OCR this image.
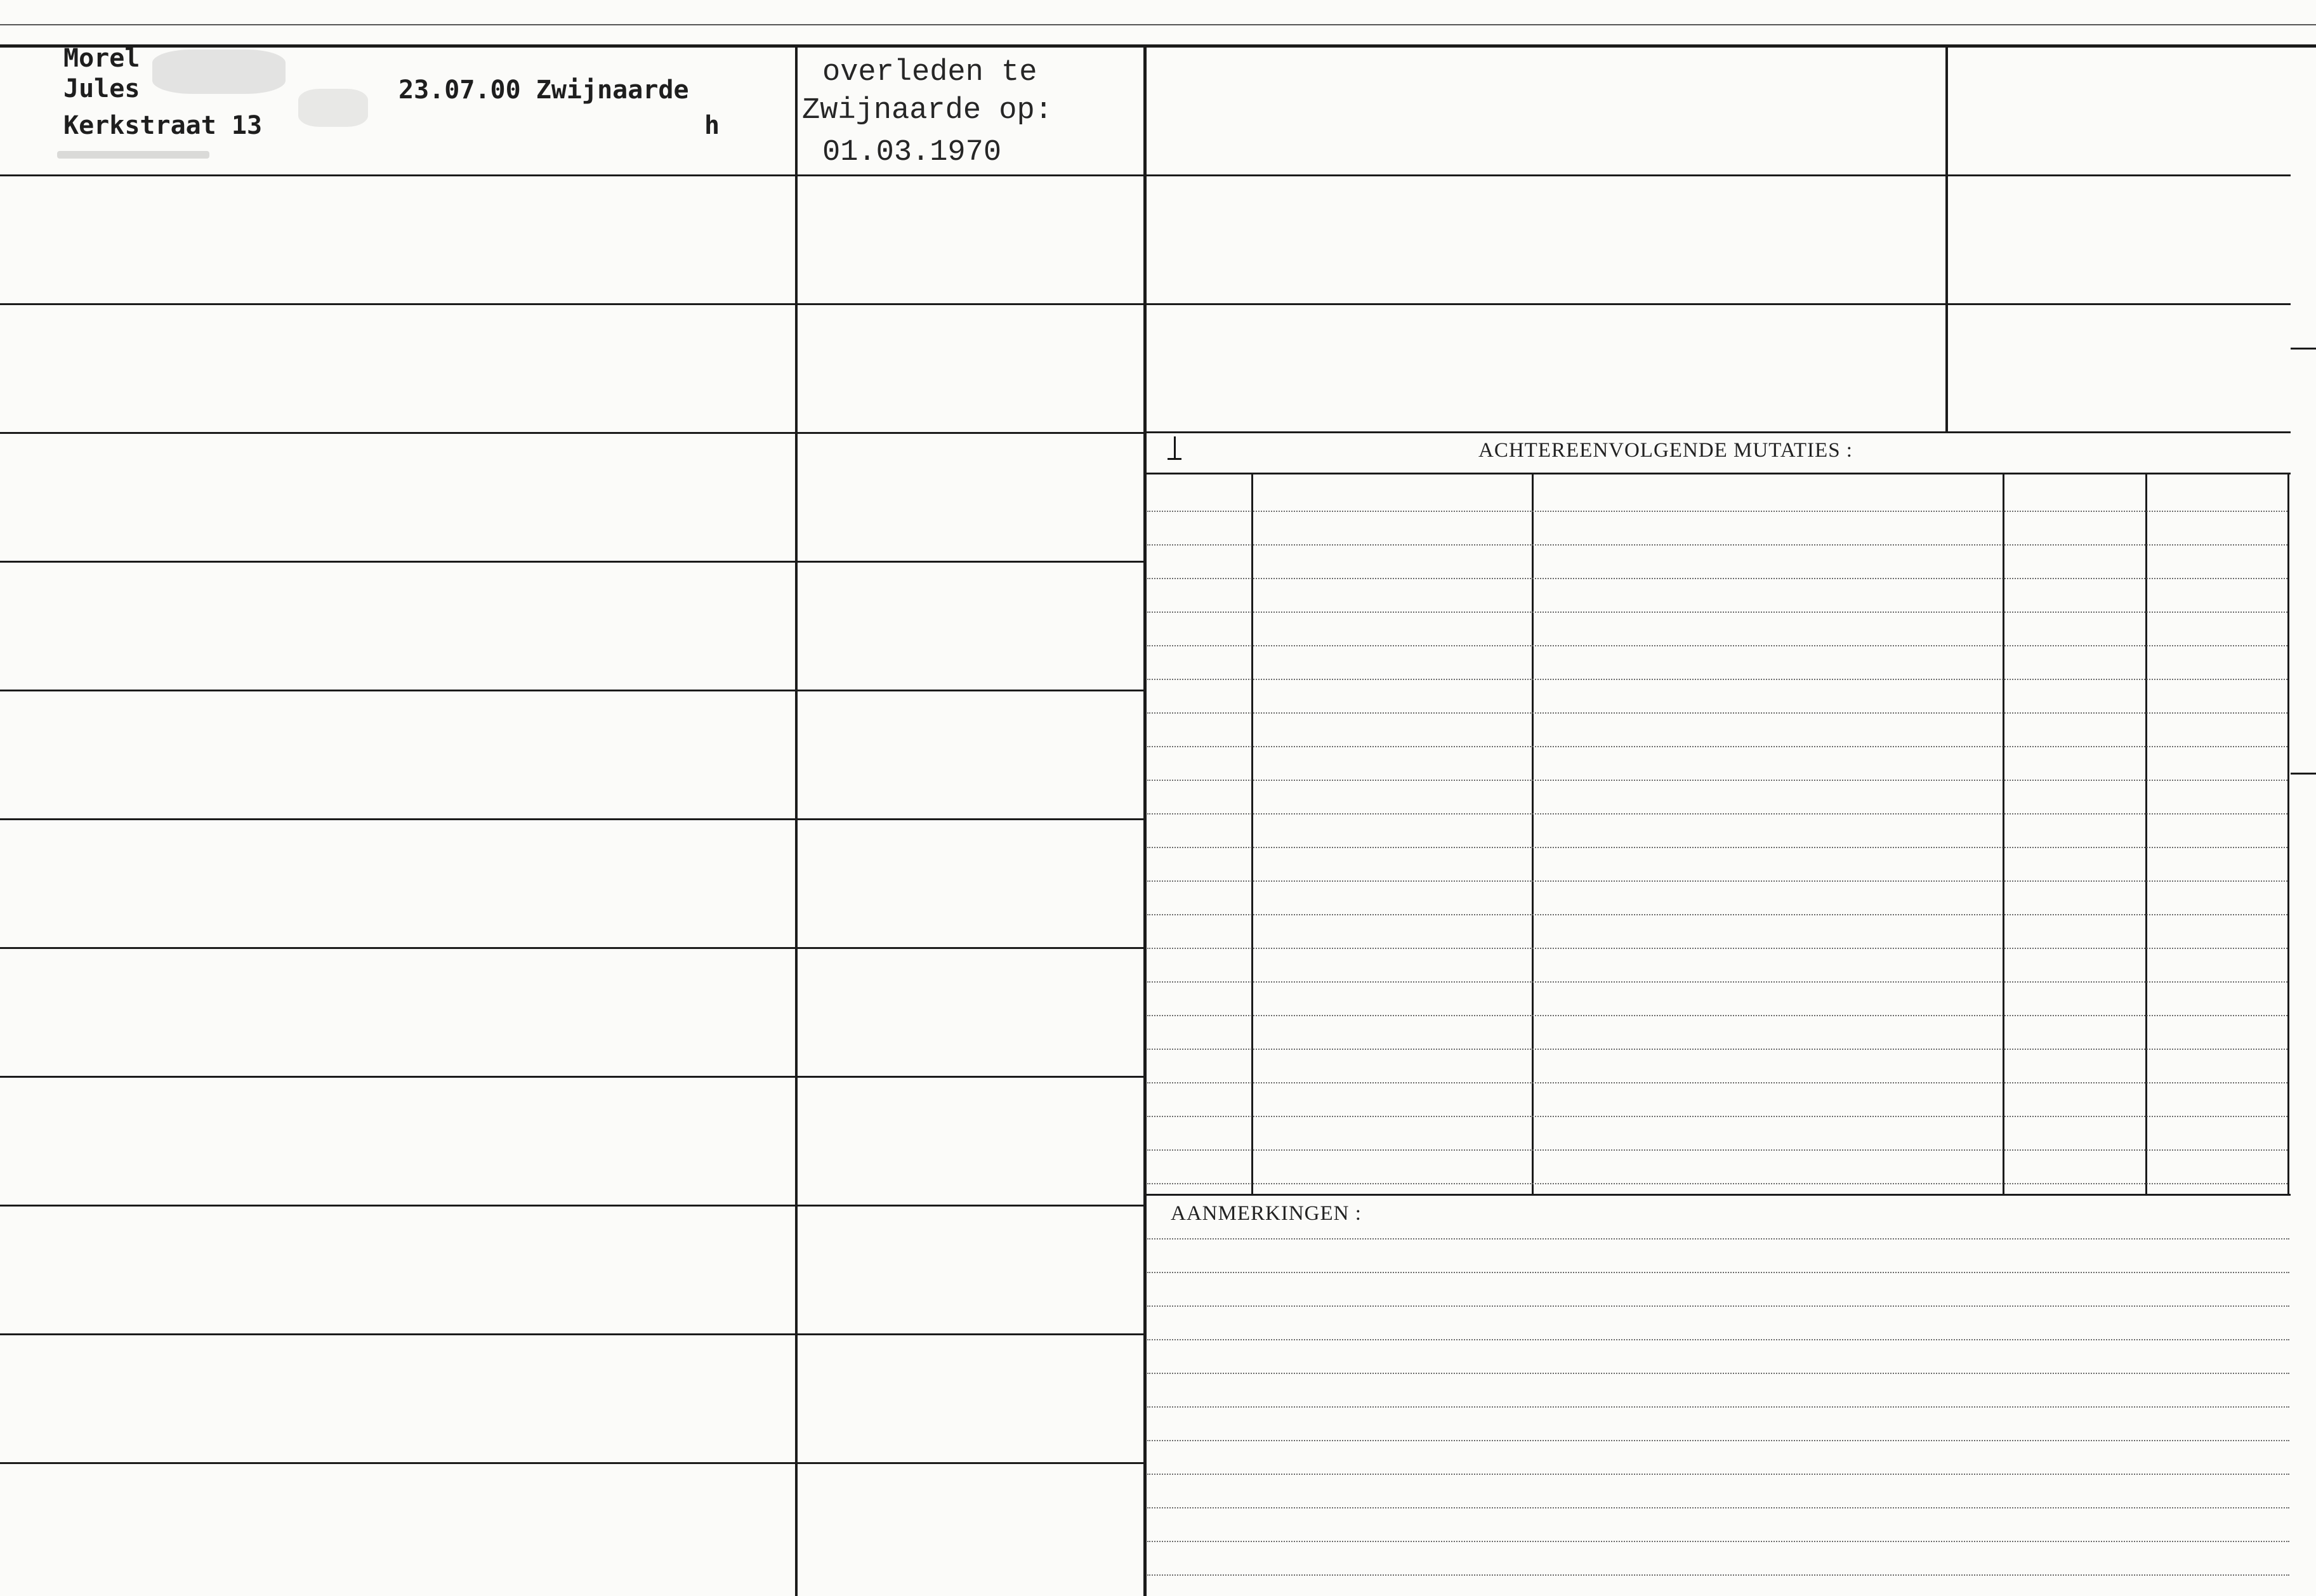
Morel
Jules
Kerkstraat 13
23.07.00 Zwijnaarde
h
overleden te
Zwijnaarde op:
01.03.1970
ACHTEREENVOLGENDE MUTATIES :
AANMERKINGEN :
